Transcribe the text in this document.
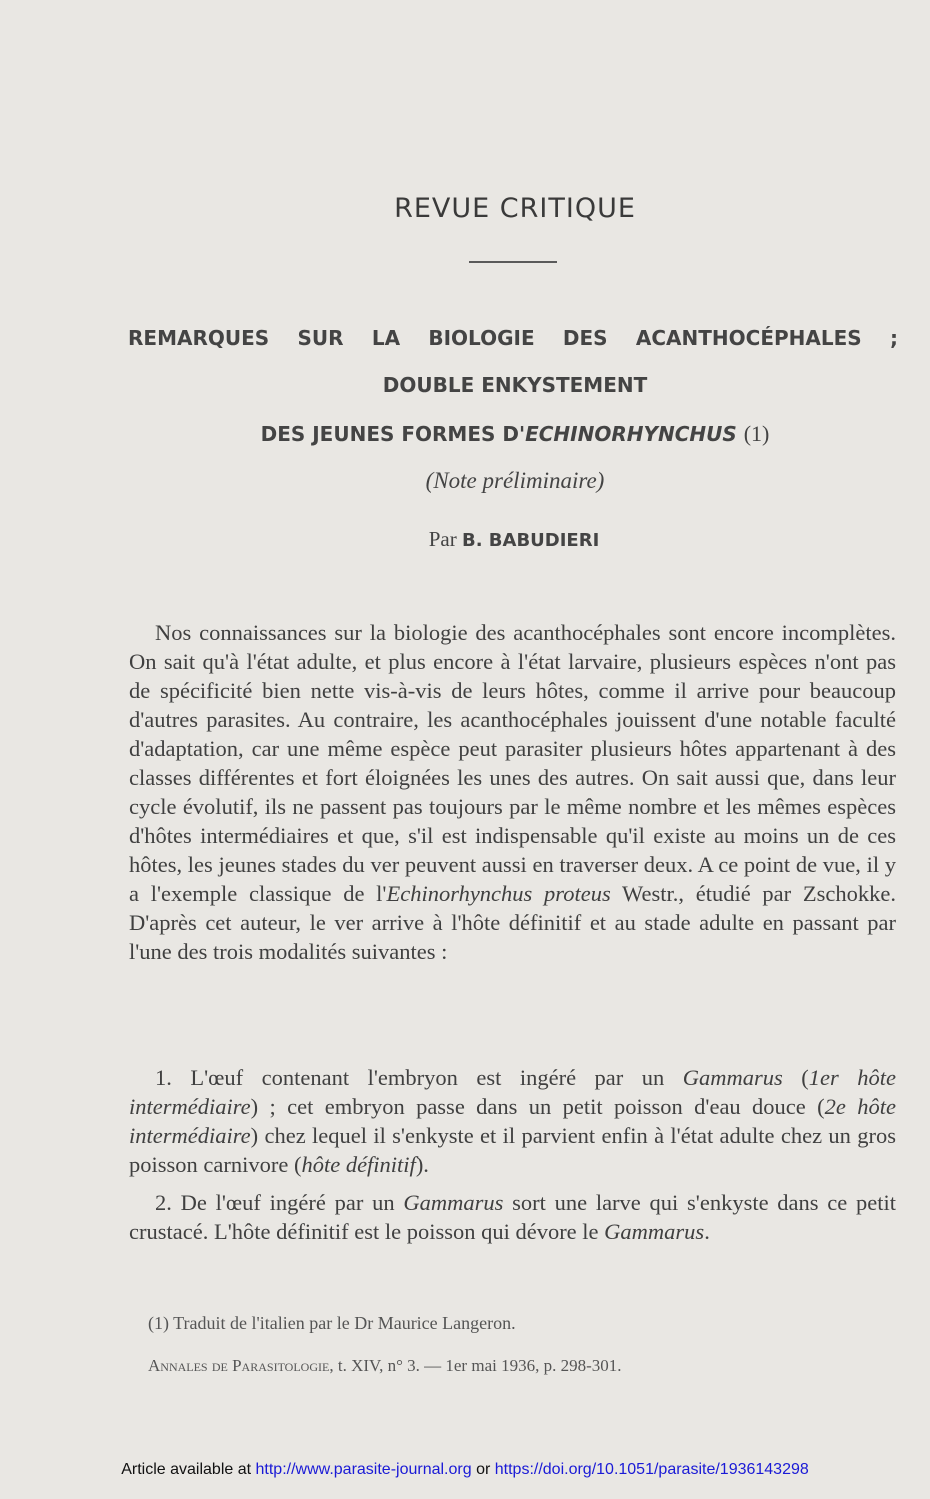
REVUE CRITIQUE
REMARQUES SUR LA BIOLOGIE DES ACANTHOCÉPHALES ;
DOUBLE ENKYSTEMENT
DES JEUNES FORMES D'ECHINORHYNCHUS (1)
(Note préliminaire)
Par B. BABUDIERI

Nos connaissances sur la biologie des acanthocéphales sont encore incomplètes. On sait qu'à l'état adulte, et plus encore à l'état larvaire, plusieurs espèces n'ont pas de spécificité bien nette vis-à-vis de leurs hôtes, comme il arrive pour beaucoup d'autres parasites. Au contraire, les acanthocéphales jouissent d'une notable faculté d'adaptation, car une même espèce peut parasiter plusieurs hôtes appartenant à des classes différentes et fort éloignées les unes des autres. On sait aussi que, dans leur cycle évolutif, ils ne passent pas toujours par le même nombre et les mêmes espèces d'hôtes intermédiaires et que, s'il est indispensable qu'il existe au moins un de ces hôtes, les jeunes stades du ver peuvent aussi en traverser deux. A ce point de vue, il y a l'exemple classique de l'Echinorhynchus proteus Westr., étudié par Zschokke. D'après cet auteur, le ver arrive à l'hôte définitif et au stade adulte en passant par l'une des trois modalités suivantes :

1. L'œuf contenant l'embryon est ingéré par un Gammarus (1er hôte intermédiaire) ; cet embryon passe dans un petit poisson d'eau douce (2e hôte intermédiaire) chez lequel il s'enkyste et il parvient enfin à l'état adulte chez un gros poisson carnivore (hôte définitif).

2. De l'œuf ingéré par un Gammarus sort une larve qui s'enkyste dans ce petit crustacé. L'hôte définitif est le poisson qui dévore le Gammarus.

(1) Traduit de l'italien par le Dr Maurice Langeron.
Annales de Parasitologie, t. XIV, n° 3. — 1er mai 1936, p. 298-301.
Article available at http://www.parasite-journal.org or https://doi.org/10.1051/parasite/1936143298
